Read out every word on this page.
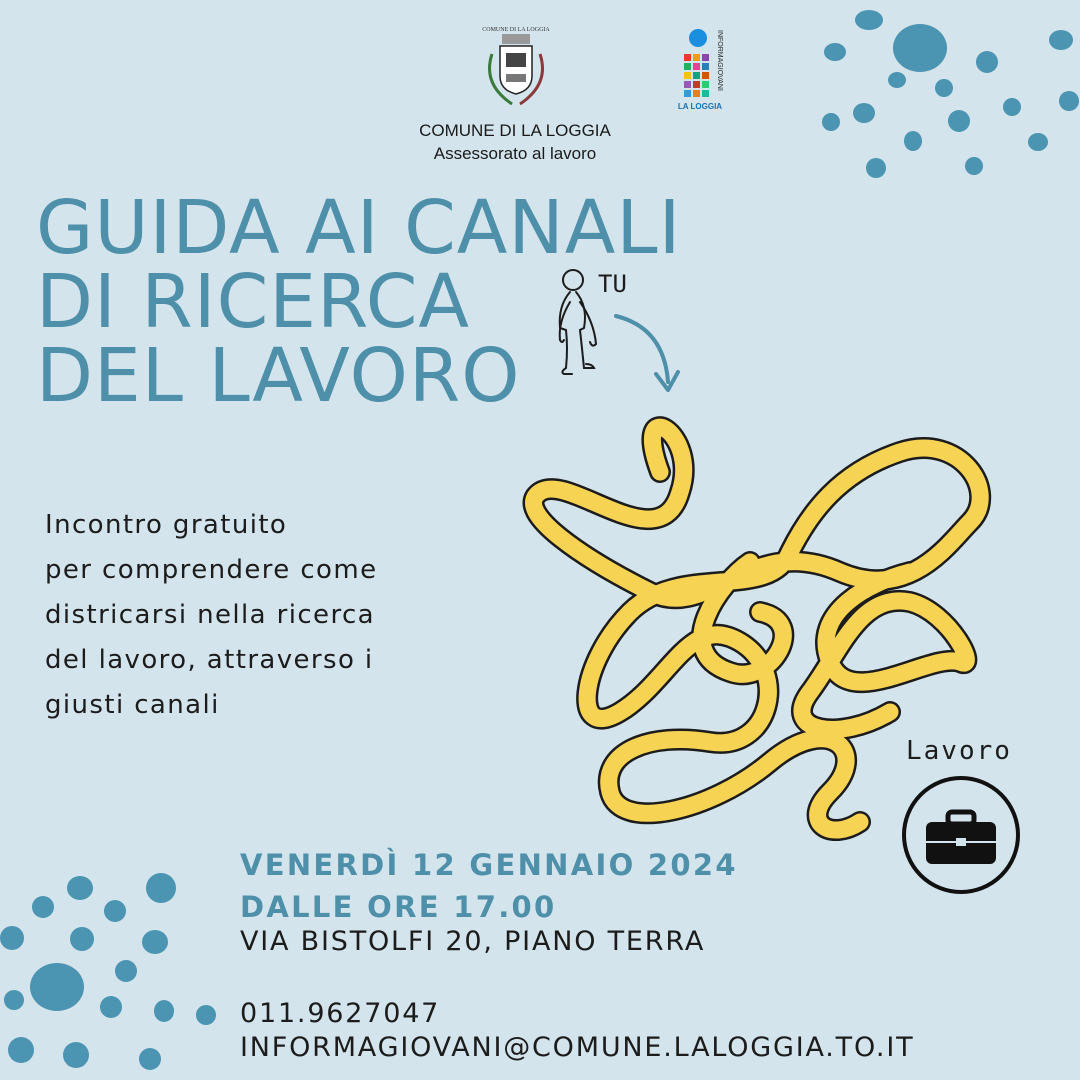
COMUNE DI LA LOGGIA	INFORMAGIOVANI
LA LOGGIA
COMUNE DI LA LOGGIA
Assessorato al lavoro
GUIDA AI CANALI
DI RICERCA
DEL LAVORO
TU
Lavoro
Incontro gratuito
per comprendere come
districarsi nella ricerca
del lavoro, attraverso i
giusti canali
VENERDÌ 12 GENNAIO 2024
DALLE ORE 17.00
VIA BISTOLFI 20, PIANO TERRA
011.9627047
INFORMAGIOVANI@COMUNE.LALOGGIA.TO.IT
